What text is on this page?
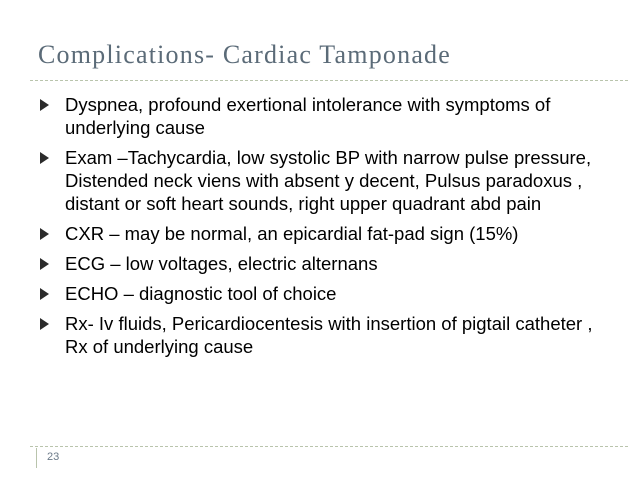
Complications- Cardiac Tamponade
Dyspnea, profound exertional intolerance with symptoms of underlying cause
Exam –Tachycardia, low systolic BP with narrow pulse pressure, Distended neck viens with absent y decent, Pulsus paradoxus , distant or soft heart sounds, right upper quadrant abd pain
CXR – may be normal, an epicardial fat-pad sign (15%)
ECG – low voltages, electric alternans
ECHO – diagnostic tool of choice
Rx- Iv fluids, Pericardiocentesis with insertion of pigtail catheter , Rx of underlying cause
23
